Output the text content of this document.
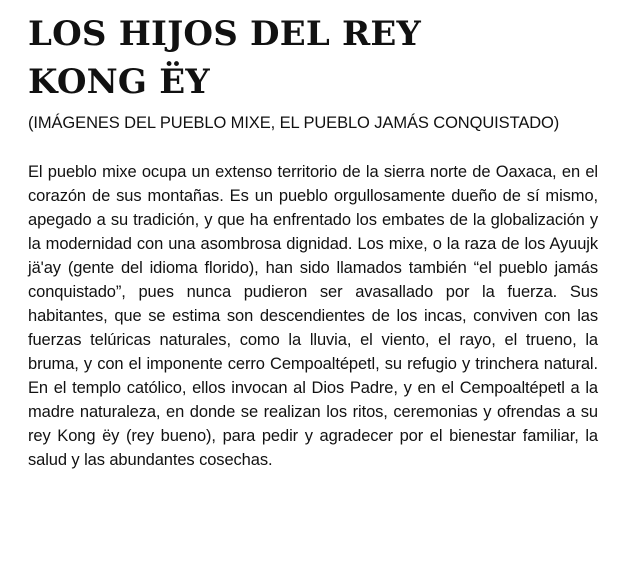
LOS HIJOS DEL REY
KONG ËY

(IMÁGENES DEL PUEBLO MIXE, EL PUEBLO JAMÁS CONQUISTADO)

El pueblo mixe ocupa un extenso territorio de la sierra norte de Oaxaca, en el corazón de sus montañas. Es un pueblo orgullosamente dueño de sí mismo, apegado a su tradición, y que ha enfrentado los embates de la globalización y la modernidad con una asombrosa dignidad. Los mixe, o la raza de los Ayuujk jä'ay (gente del idioma florido), han sido llamados también “el pueblo jamás conquistado”, pues nunca pudieron ser avasallado por la fuerza. Sus habitantes, que se estima son descendientes de los incas, conviven con las fuerzas telúricas naturales, como la lluvia, el viento, el rayo, el trueno, la bruma, y con el imponente cerro Cempoaltépetl, su refugio y trinchera natural. En el templo católico, ellos invocan al Dios Padre, y en el Cempoaltépetl a la madre naturaleza, en donde se realizan los ritos, ceremonias y ofrendas a su rey Kong ëy (rey bueno), para pedir y agradecer por el bienestar familiar, la salud y las abundantes cosechas.
